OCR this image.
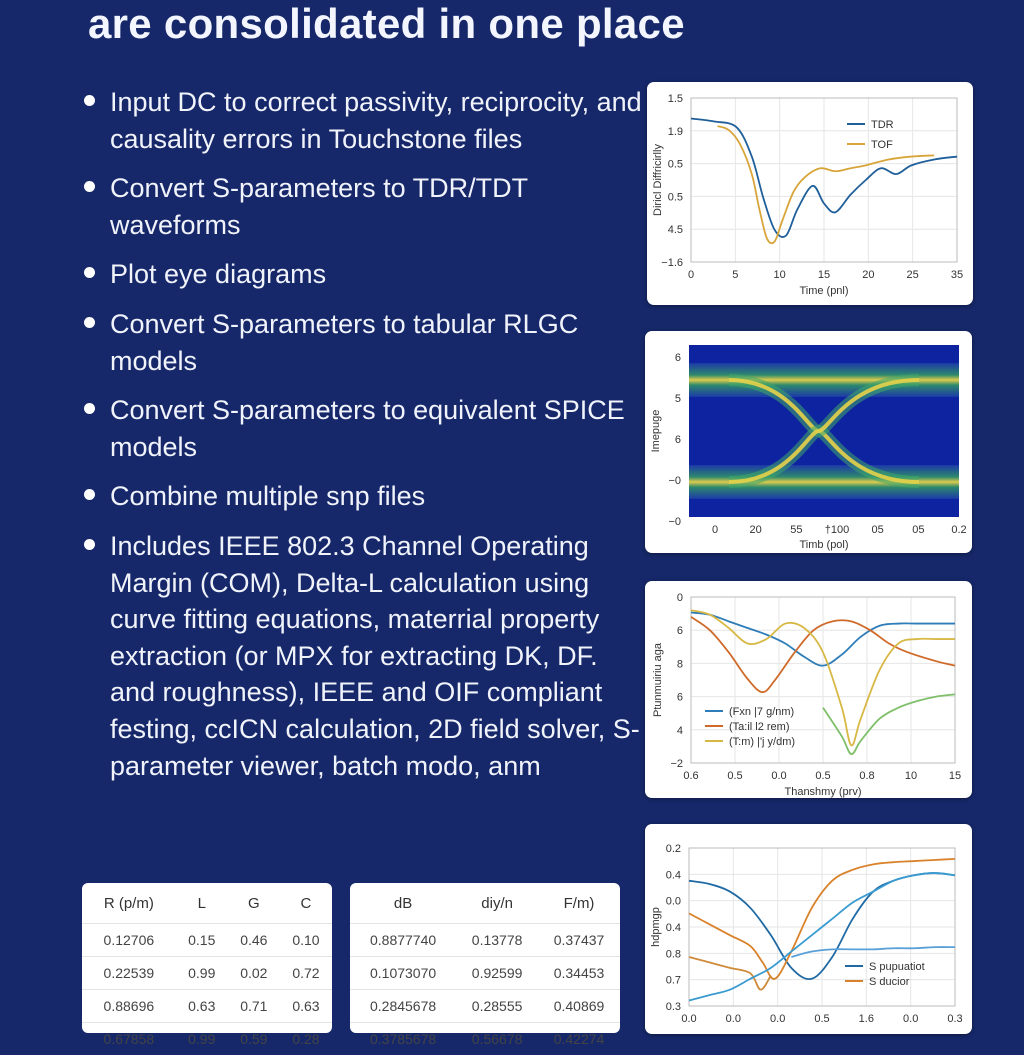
are consolidated in one place
Input DC to correct passivity, reciprocity, and causality errors in Touchstone files
Convert S-parameters to TDR/TDT waveforms
Plot eye diagrams
Convert S-parameters to tabular RLGC models
Convert S-parameters to equivalent SPICE models
Combine multiple snp files
Includes IEEE 802.3 Channel Operating Margin (COM), Delta-L calculation using curve fitting equations, materrial property extraction (or MPX for extracting DK, DF. and roughness), IEEE and OIF compliant festing, ccICN calculation, 2D field solver, S-parameter viewer, batch modo, anm
0	5	10	15	20	25	35
1.5
1.9
0.5
0.5
4.5
−1.6
Time (pnl)
Diricl Diffricirlly
TDR
TOF
0	20	55 †100 05	05 0.2
6
5
6
−0
−0
Timb (pol)
Imepuge
0.6	0.5	0.0	0.5	0.8	10	15
0
6
8
6
4
−2
Thanshmy (prv)
Ptunmuiriu aga	(Fxn |7 g/nm)
(Ta:il l2 rem)
(T:m) |'j y/dm)
0.0	0.0	0.0	0.5	1.6	0.0	0.3
0.2
0.4
0.0
0.4
0.8
0.7
0.3
hdpmgp
S pupuatiot
S ducior
R (p/m)	L	G	C
0.12706	0.15	0.46	0.10
0.22539	0.99	0.02	0.72
0.88696	0.63	0.71	0.63
0.67858	0.99	0.59	0.28
dB	diy/n	F/m)
0.8877740	0.13778	0.37437
0.1073070	0.92599	0.34453
0.2845678	0.28555	0.40869
0.3785678	0.56678	0.42274
